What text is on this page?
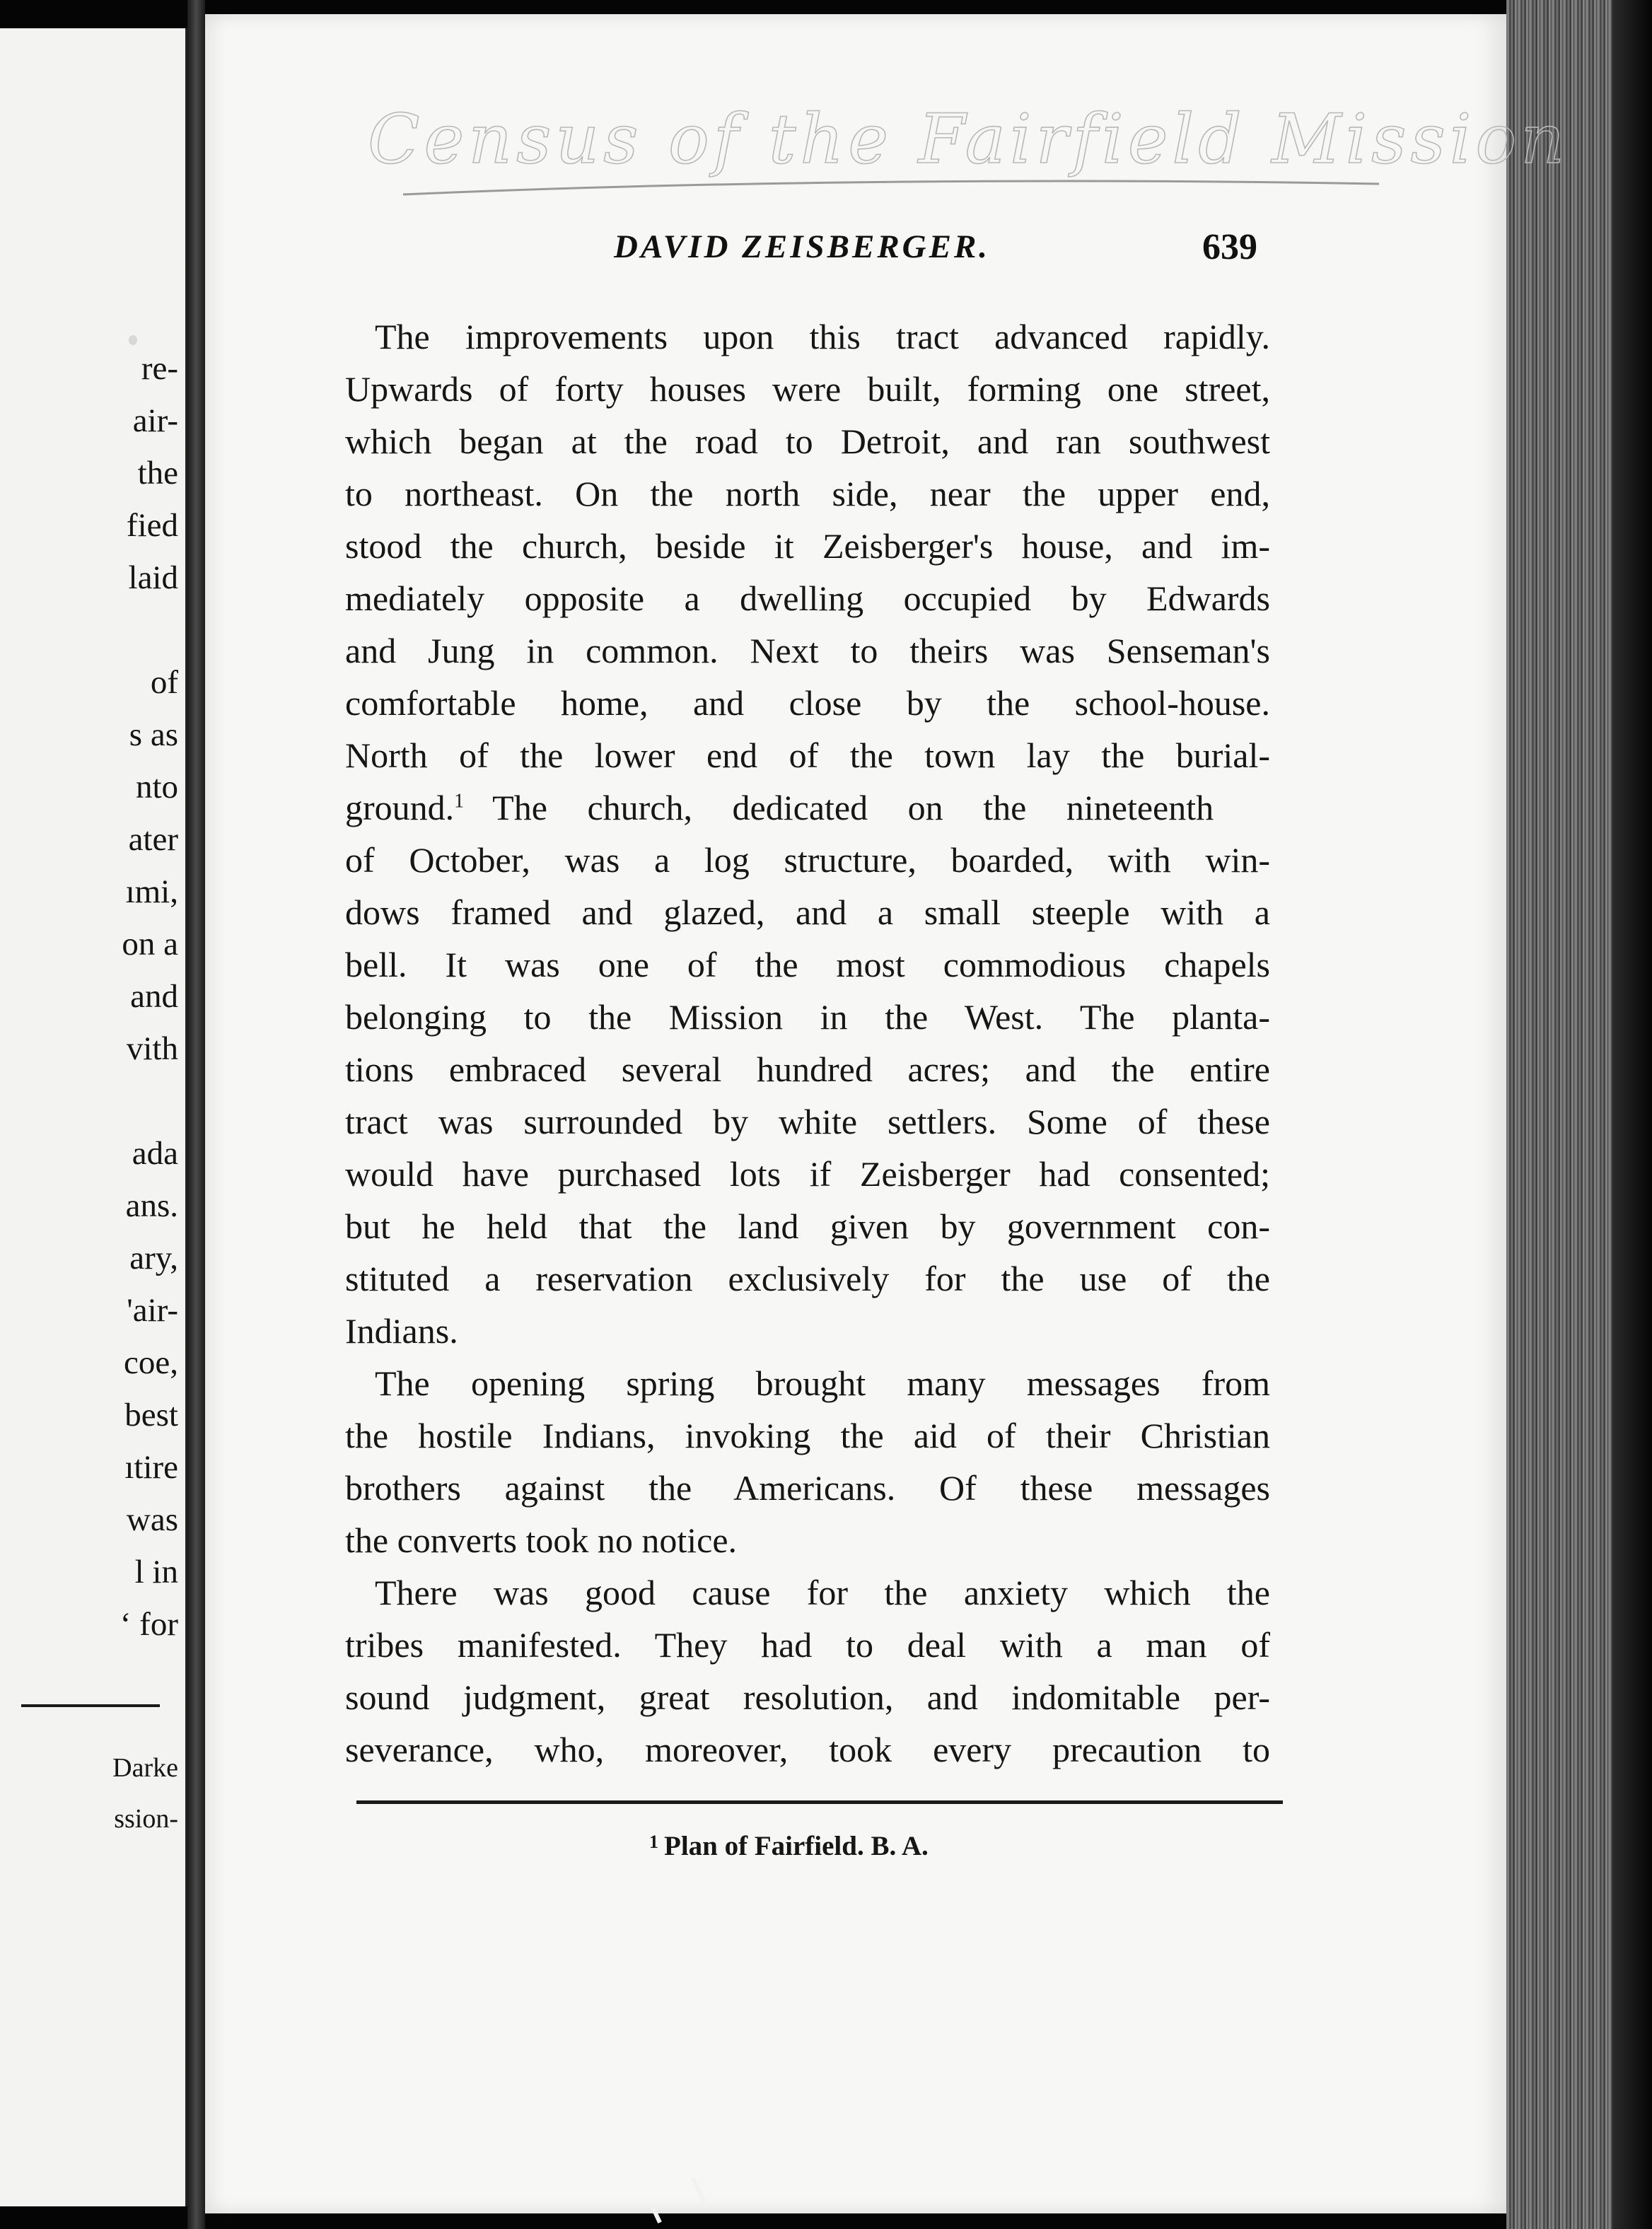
re-
air-
the
fied
laid
of
s as
nto
ater
ımi,
on a
and
vith
ada
ans.
ary,
'air-
coe,
best
ıtire
was
l in
‘ for
Darke
ssion-
Census of the Fairfield Mission
DAVID ZEISBERGER.	639
The improvements upon this tract advanced rapidly.
Upwards of forty houses were built, forming one street,
which began at the road to Detroit, and ran southwest
to northeast. On the north side, near the upper end,
stood the church, beside it Zeisberger's house, and im-
mediately opposite a dwelling occupied by Edwards
and Jung in common. Next to theirs was Senseman's
comfortable home, and close by the school-house.
North of the lower end of the town lay the burial-
ground.$^1$ The church, dedicated on the nineteenth
of October, was a log structure, boarded, with win-
dows framed and glazed, and a small steeple with a
bell. It was one of the most commodious chapels
belonging to the Mission in the West. The planta-
tions embraced several hundred acres; and the entire
tract was surrounded by white settlers. Some of these
would have purchased lots if Zeisberger had consented;
but he held that the land given by government con-
stituted a reservation exclusively for the use of the
Indians.
The opening spring brought many messages from
the hostile Indians, invoking the aid of their Christian
brothers against the Americans. Of these messages
the converts took no notice.
There was good cause for the anxiety which the
tribes manifested. They had to deal with a man of
sound judgment, great resolution, and indomitable per-
severance, who, moreover, took every precaution to
$^1$ Plan of Fairfield. B. A.
